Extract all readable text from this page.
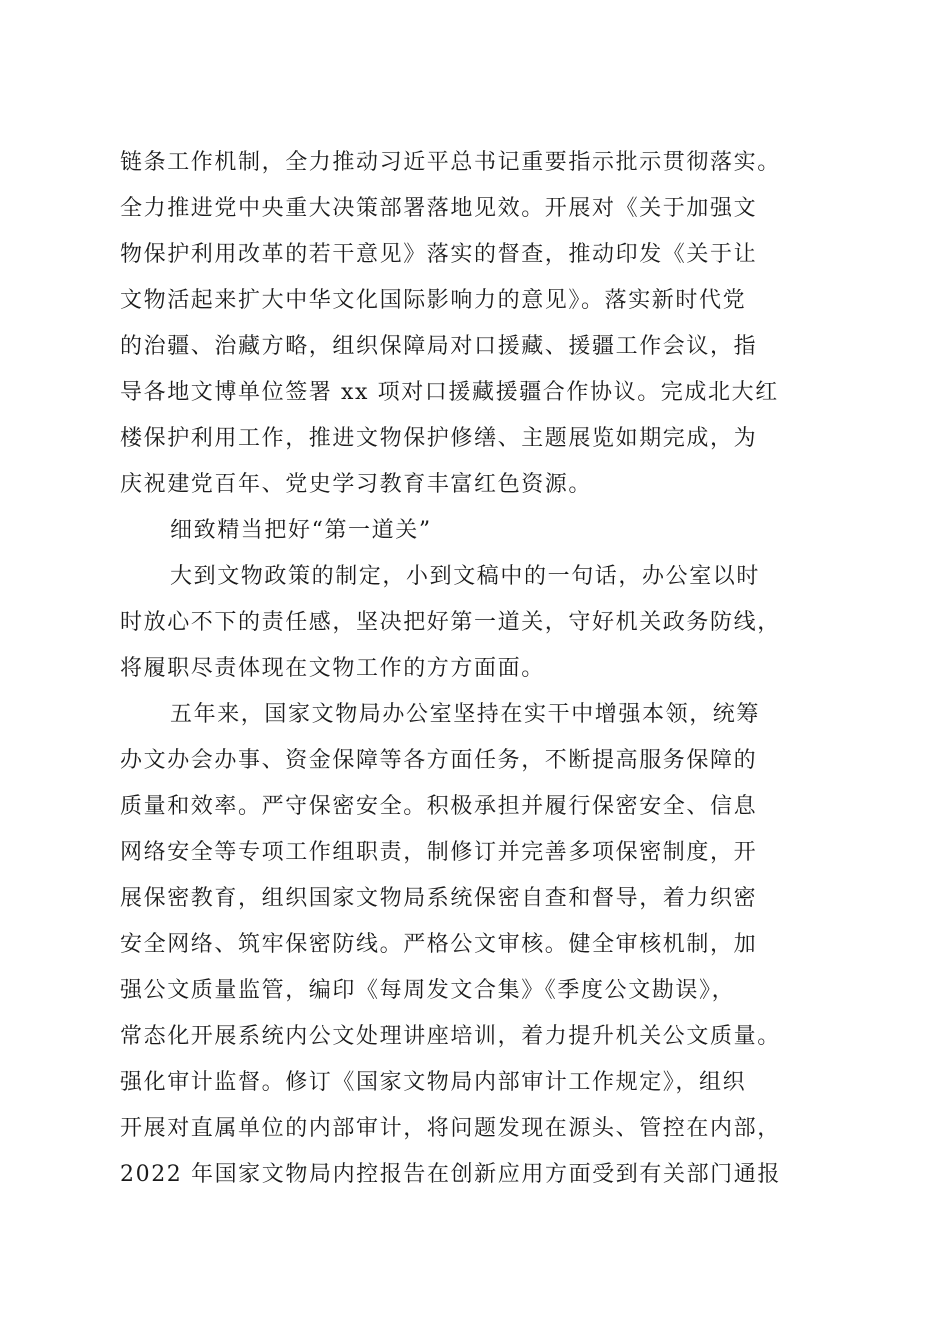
链条工作机制，全力推动习近平总书记重要指示批示贯彻落实。
全力推进党中央重大决策部署落地见效。开展对《关于加强文
物保护利用改革的若干意见》落实的督查，推动印发《关于让
文物活起来扩大中华文化国际影响力的意见》。落实新时代党
的治疆、治藏方略，组织保障局对口援藏、援疆工作会议，指
导各地文博单位签署 xx 项对口援藏援疆合作协议。完成北大红
楼保护利用工作，推进文物保护修缮、主题展览如期完成，为
庆祝建党百年、党史学习教育丰富红色资源。
细致精当把好“第一道关”
大到文物政策的制定，小到文稿中的一句话，办公室以时
时放心不下的责任感，坚决把好第一道关，守好机关政务防线，
将履职尽责体现在文物工作的方方面面。
五年来，国家文物局办公室坚持在实干中增强本领，统筹
办文办会办事、资金保障等各方面任务，不断提高服务保障的
质量和效率。严守保密安全。积极承担并履行保密安全、信息
网络安全等专项工作组职责，制修订并完善多项保密制度，开
展保密教育，组织国家文物局系统保密自查和督导，着力织密
安全网络、筑牢保密防线。严格公文审核。健全审核机制，加
强公文质量监管，编印《每周发文合集》《季度公文勘误》，
常态化开展系统内公文处理讲座培训，着力提升机关公文质量。
强化审计监督。修订《国家文物局内部审计工作规定》，组织
开展对直属单位的内部审计，将问题发现在源头、管控在内部，
2022 年国家文物局内控报告在创新应用方面受到有关部门通报
